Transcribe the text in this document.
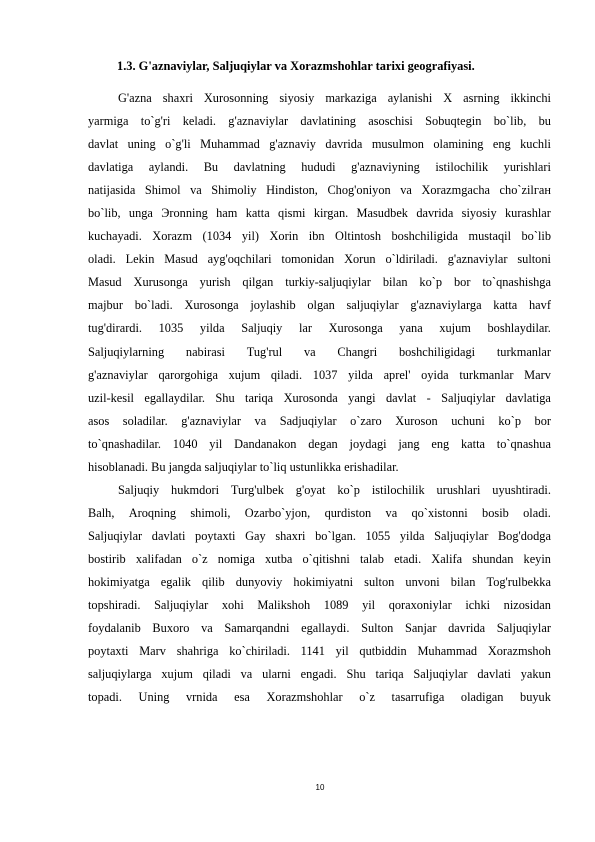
1.3. G'aznaviylar, Saljuqiylar va Xorazmshohlar tarixi geografiyasi.
G'azna shaxri Xurosonning siyosiy markaziga aylanishi X asrning ikkinchi
yarmiga to`g'ri keladi. g'aznaviylar davlatining asoschisi Sobuqtegin bo`lib, bu
davlat uning o`g'li Muhammad g'aznaviy davrida musulmon olamining eng kuchli
davlatiga aylandi. Bu davlatning hududi g'aznaviyning istilochilik yurishlari
natijasida Shimol va Shimoliy Hindiston, Chog'oniyon va Xorazmgacha cho`zilган
bo`lib, unga Эronning ham katta qismi kirgan. Masudbek davrida siyosiy kurashlar
kuchayadi. Xorazm (1034 yil) Xorin ibn Oltintosh boshchiligida mustaqil bo`lib
oladi. Lekin Masud ayg'oqchilari tomonidan Xorun o`ldiriladi. g'aznaviylar sultoni
Masud Xurusonga yurish qilgan turkiy-saljuqiylar bilan ko`p bor to`qnashishga
majbur bo`ladi. Xurosonga joylashib olgan saljuqiylar g'aznaviylarga katta havf
tug'dirardi. 1035 yilda Saljuqiy lar Xurosonga yana xujum boshlaydilar.
Saljuqiylarning nabirasi Tug'rul va Changri boshchiligidagi turkmanlar
g'aznaviylar qarorgohiga xujum qiladi. 1037 yilda aprel' oyida turkmanlar Marv
uzil-kesil egallaydilar. Shu tariqa Xurosonda yangi davlat - Saljuqiylar davlatiga
asos soladilar. g'aznaviylar va Sadjuqiylar o`zaro Xuroson uchuni ko`p bor
to`qnashadilar. 1040 yil Dandanakon degan joydagi jang eng katta to`qnashua
hisoblanadi. Bu jangda saljuqiylar to`liq ustunlikka erishadilar.
Saljuqiy hukmdori Turg'ulbek g'oyat ko`p istilochilik urushlari uyushtiradi.
Balh, Aroqning shimoli, Ozarbo`yjon, qurdiston va qo`xistonni bosib oladi.
Saljuqiylar davlati poytaxti Gay shaxri bo`lgan. 1055 yilda Saljuqiylar Bog'dodga
bostirib xalifadan o`z nomiga xutba o`qitishni talab etadi. Xalifa shundan keyin
hokimiyatga egalik qilib dunyoviy hokimiyatni sulton unvoni bilan Tog'rulbekka
topshiradi. Saljuqiylar xohi Malikshoh 1089 yil qoraxoniylar ichki nizosidan
foydalanib Buxoro va Samarqandni egallaydi. Sulton Sanjar davrida Saljuqiylar
poytaxti Marv shahriga ko`chiriladi. 1141 yil qutbiddin Muhammad Xorazmshoh
saljuqiylarga xujum qiladi va ularni engadi. Shu tariqa Saljuqiylar davlati yakun
topadi. Uning vrnida esa Xorazmshohlar o`z tasarrufiga oladigan buyuk
10
